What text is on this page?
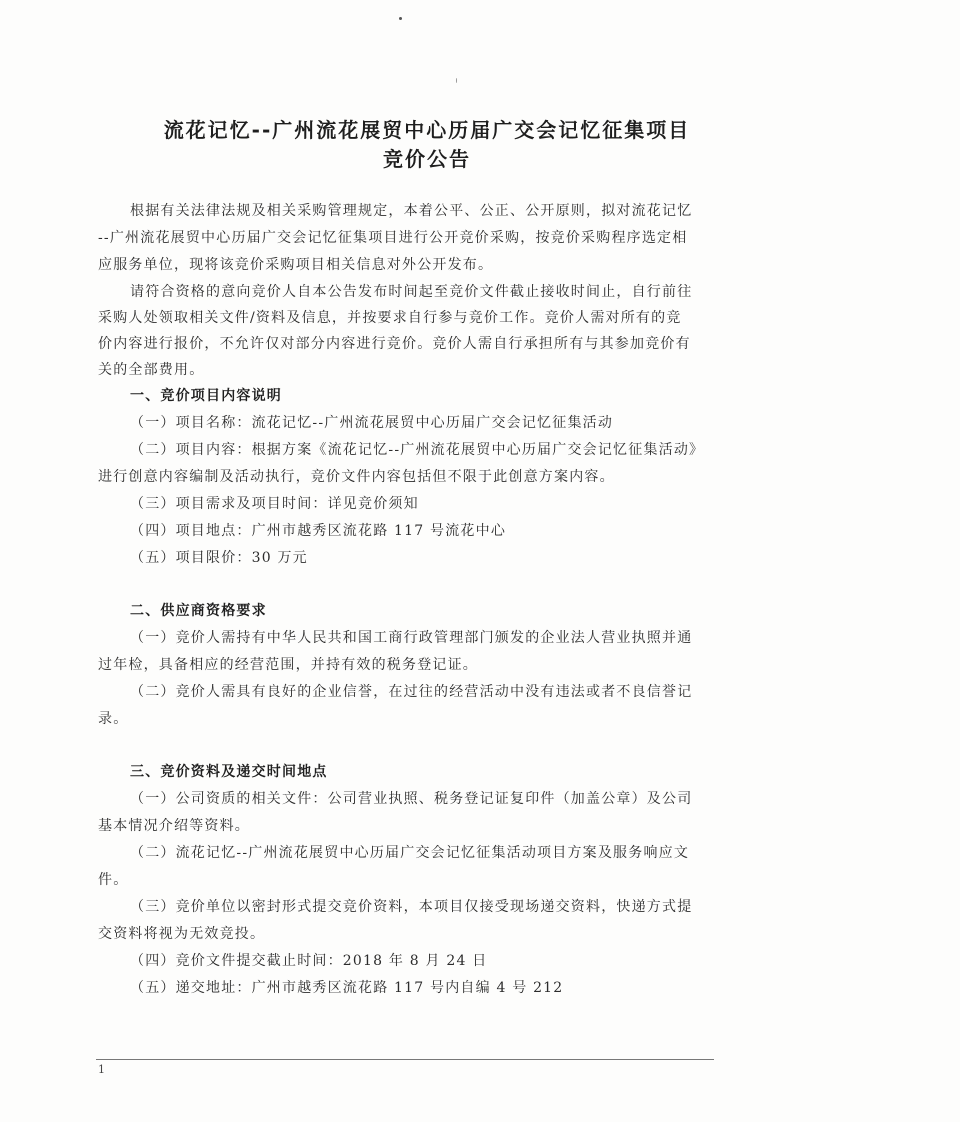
流花记忆--广州流花展贸中心历届广交会记忆征集项目
竞价公告
根据有关法律法规及相关采购管理规定，本着公平、公正、公开原则，拟对流花记忆
--广州流花展贸中心历届广交会记忆征集项目进行公开竞价采购，按竞价采购程序选定相
应服务单位，现将该竞价采购项目相关信息对外公开发布。
请符合资格的意向竞价人自本公告发布时间起至竞价文件截止接收时间止，自行前往
采购人处领取相关文件/资料及信息，并按要求自行参与竞价工作。竞价人需对所有的竞
价内容进行报价，不允许仅对部分内容进行竞价。竞价人需自行承担所有与其参加竞价有
关的全部费用。
一、竞价项目内容说明
（一）项目名称：流花记忆--广州流花展贸中心历届广交会记忆征集活动
（二）项目内容：根据方案《流花记忆--广州流花展贸中心历届广交会记忆征集活动》
进行创意内容编制及活动执行，竞价文件内容包括但不限于此创意方案内容。
（三）项目需求及项目时间：详见竞价须知
（四）项目地点：广州市越秀区流花路 117 号流花中心
（五）项目限价：30 万元
二、供应商资格要求
（一）竞价人需持有中华人民共和国工商行政管理部门颁发的企业法人营业执照并通
过年检，具备相应的经营范围，并持有效的税务登记证。
（二）竞价人需具有良好的企业信誉，在过往的经营活动中没有违法或者不良信誉记
录。
三、竞价资料及递交时间地点
（一）公司资质的相关文件：公司营业执照、税务登记证复印件（加盖公章）及公司
基本情况介绍等资料。
（二）流花记忆--广州流花展贸中心历届广交会记忆征集活动项目方案及服务响应文
件。
（三）竞价单位以密封形式提交竞价资料，本项目仅接受现场递交资料，快递方式提
交资料将视为无效竞投。
（四）竞价文件提交截止时间：2018 年 8 月 24 日
（五）递交地址：广州市越秀区流花路 117 号内自编 4 号 212
1
